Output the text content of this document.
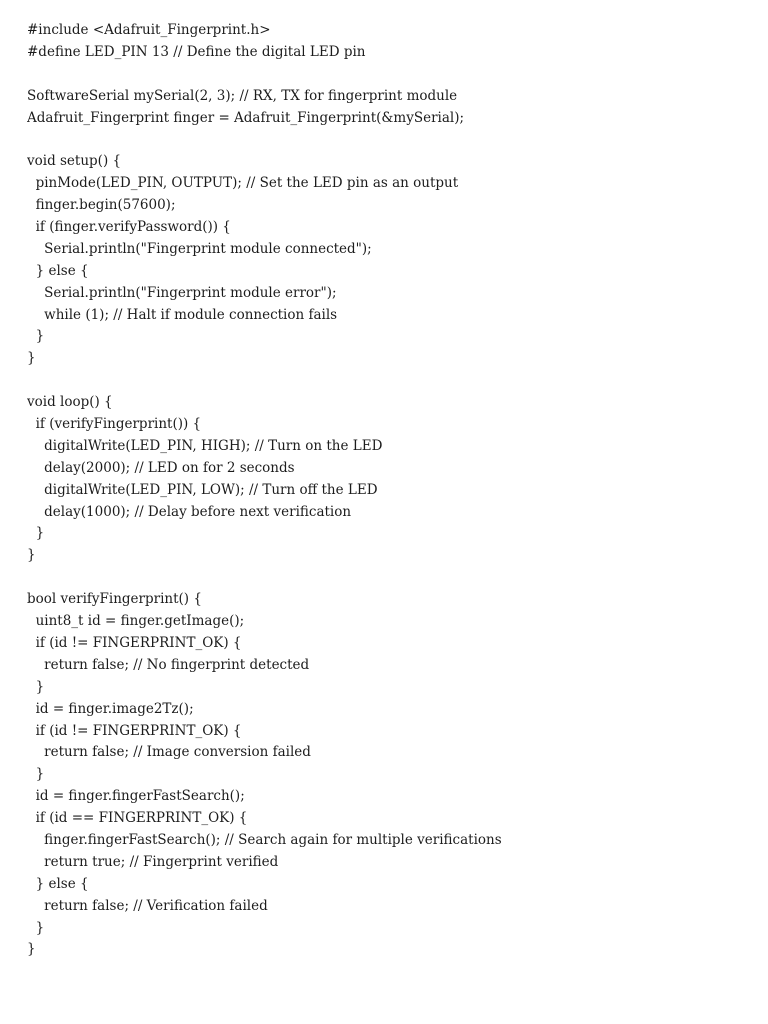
#include <Adafruit_Fingerprint.h>
#define LED_PIN 13 // Define the digital LED pin
SoftwareSerial mySerial(2, 3); // RX, TX for fingerprint module
Adafruit_Fingerprint finger = Adafruit_Fingerprint(&mySerial);
void setup() {
pinMode(LED_PIN, OUTPUT); // Set the LED pin as an output
finger.begin(57600);
if (finger.verifyPassword()) {
Serial.println("Fingerprint module connected");
} else {
Serial.println("Fingerprint module error");
while (1); // Halt if module connection fails
}
}
void loop() {
if (verifyFingerprint()) {
digitalWrite(LED_PIN, HIGH); // Turn on the LED
delay(2000); // LED on for 2 seconds
digitalWrite(LED_PIN, LOW); // Turn off the LED
delay(1000); // Delay before next verification
}
}
bool verifyFingerprint() {
uint8_t id = finger.getImage();
if (id != FINGERPRINT_OK) {
return false; // No fingerprint detected
}
id = finger.image2Tz();
if (id != FINGERPRINT_OK) {
return false; // Image conversion failed
}
id = finger.fingerFastSearch();
if (id == FINGERPRINT_OK) {
finger.fingerFastSearch(); // Search again for multiple verifications
return true; // Fingerprint verified
} else {
return false; // Verification failed
}
}
